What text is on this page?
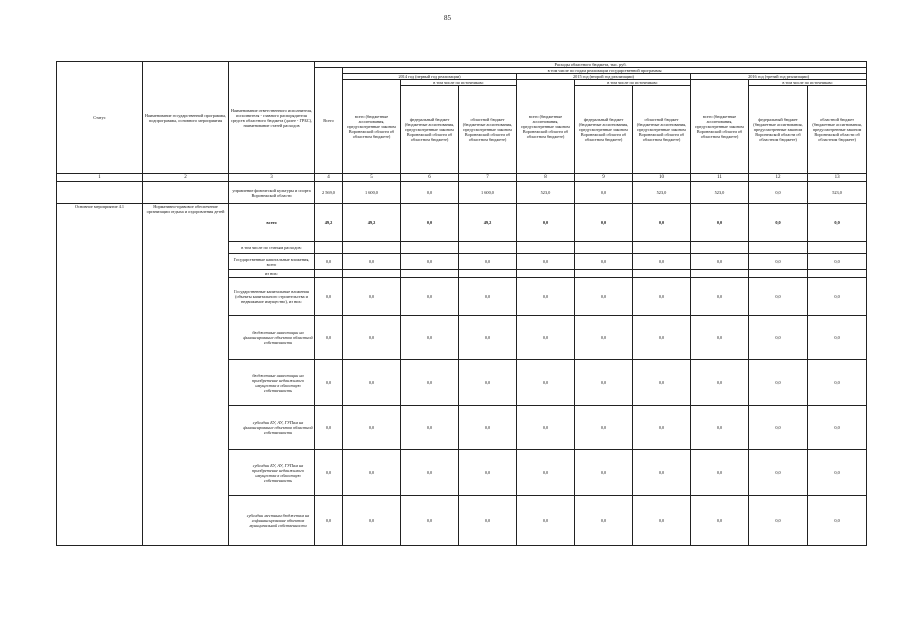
85
Статус	Наименование государственной программы, подпрограммы, основного мероприятия	Наименование ответственного исполнителя, исполнителя - главного распорядителя средств областного бюджета (далее - ГРБС), наименование статей расходов	Расходы областного бюджета, тыс. руб.									
			Всего	в том числе по годам реализации государственной программы								
				2014 год (первый год реализации)			2015 год (второй год реализации)			2016 год (третий год реализации)		
				всего (бюджетные ассигнования, предусмотренные законом Воронежской области об областном бюджете)	в том числе по источникам:		всего (бюджетные ассигнования, предусмотренные законом Воронежской области об областном бюджете)	в том числе по источникам:		всего (бюджетные ассигнования, предусмотренные законом Воронежской области об областном бюджете)	в том числе по источникам:	
					федеральный бюджет (бюджетные ассигнования, предусмотренные законом Воронежской области об областном бюджете)	областной бюджет (бюджетные ассигнования, предусмотренные законом Воронежской области об областном бюджете)		федеральный бюджет (бюджетные ассигнования, предусмотренные законом Воронежской области об областном бюджете)	областной бюджет (бюджетные ассигнования, предусмотренные законом Воронежской области об областном бюджете)		федеральный бюджет (бюджетные ассигнования, предусмотренные законом Воронежской области об областном бюджете)	областной бюджет (бюджетные ассигнования, предусмотренные законом Воронежской области об областном бюджете)
1	2	3	4	5	6	7	8	9	10	11	12	13
		управление физической культуры и спорта Воронежской области	2 569,0	1 600,0	0,0	1 600,0	523,0	0,0	523,0	523,0	0,0	523,0
Основное мероприятие 4.1	Нормативно-правовое обеспечение организации отдыха и оздоровления детей	всего	49,2	49,2	0,0	49,2	0,0	0,0	0,0	0,0	0,0	0,0
		в том числе по статьям расходов:										
		Государственные капитальные вложения, всего	0,0	0,0	0,0	0,0	0,0	0,0	0,0	0,0	0,0	0,0
		из них:										
		Государственные капитальные вложения (объекты капитального строительства и недвижимое имущество), из них:	0,0	0,0	0,0	0,0	0,0	0,0	0,0	0,0	0,0	0,0
		бюджетные инвестиции на финансирование объектов областной собственности	0,0	0,0	0,0	0,0	0,0	0,0	0,0	0,0	0,0	0,0
		бюджетные инвестиции на приобретение недвижимого имущества в областную собственность	0,0	0,0	0,0	0,0	0,0	0,0	0,0	0,0	0,0	0,0
		субсидии БУ, АУ, ГУПам на финансирование объектов областной собственности	0,0	0,0	0,0	0,0	0,0	0,0	0,0	0,0	0,0	0,0
		субсидии БУ, АУ, ГУПам на приобретение недвижимого имущества в областную собственность	0,0	0,0	0,0	0,0	0,0	0,0	0,0	0,0	0,0	0,0
		субсидии местным бюджетам на софинансирование объектов муниципальной собственности	0,0	0,0	0,0	0,0	0,0	0,0	0,0	0,0	0,0	0,0
